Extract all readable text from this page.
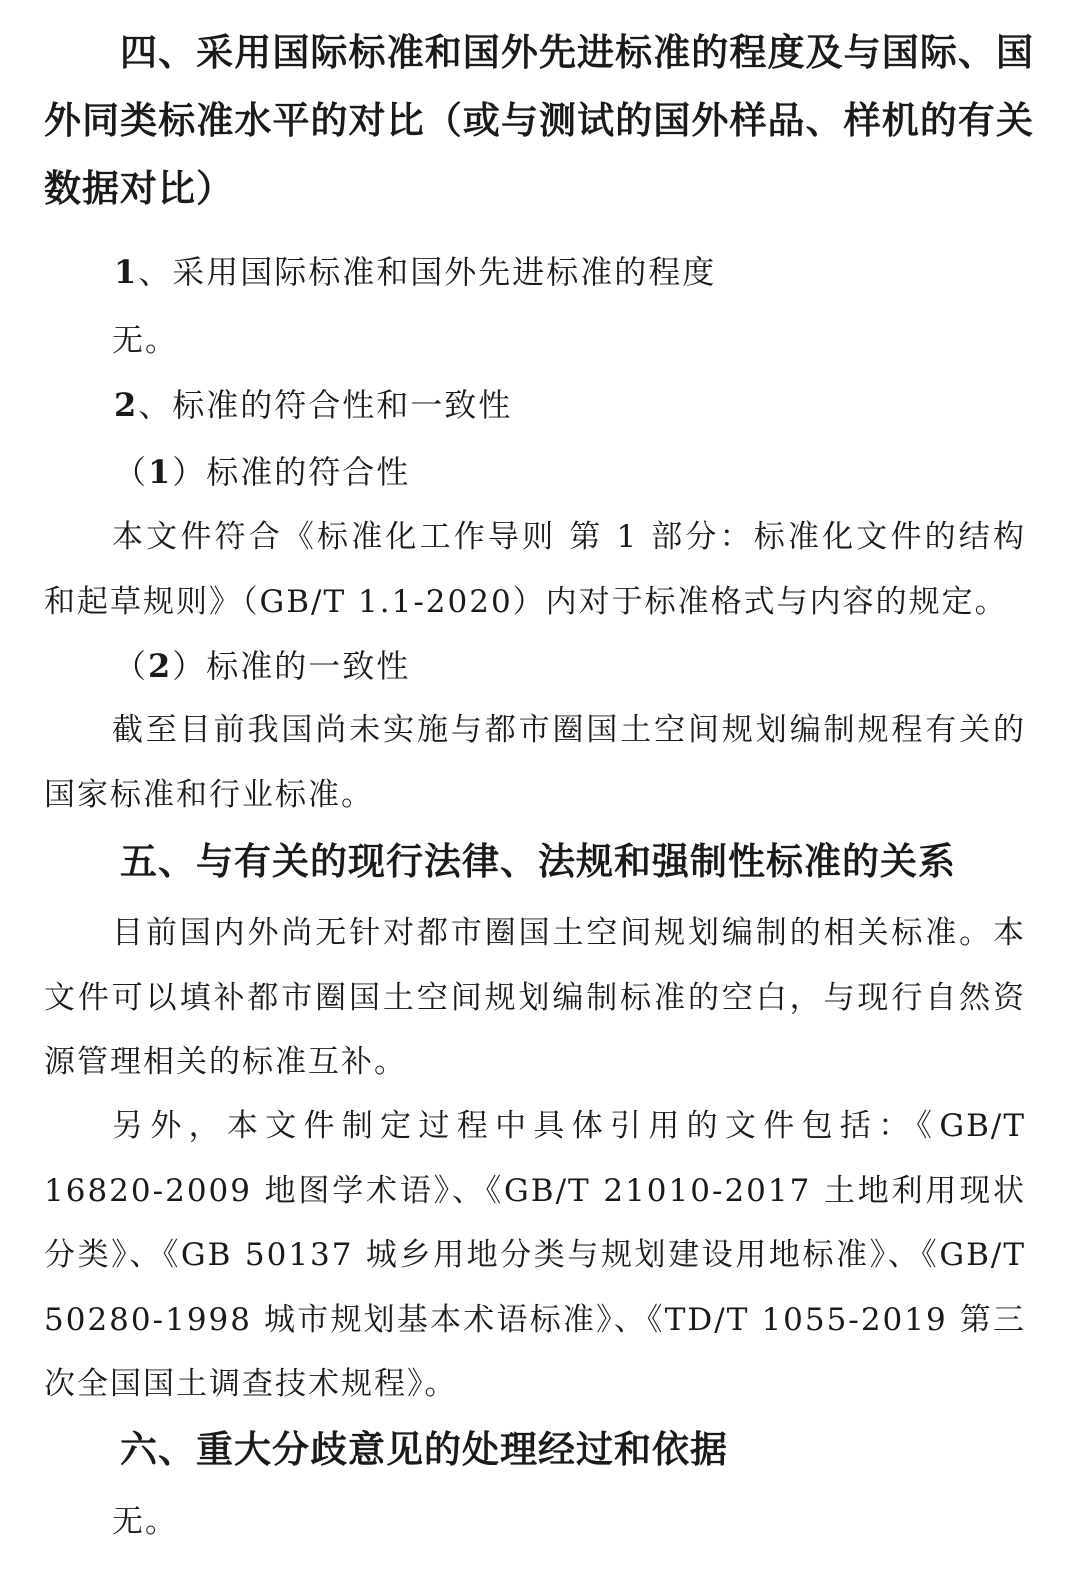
四、采用国际标准和国外先进标准的程度及与国际、国外同类标准水平的对比（或与测试的国外样品、样机的有关数据对比）

1、采用国际标准和国外先进标准的程度

无。

2、标准的符合性和一致性

（1）标准的符合性

本文件符合《标准化工作导则 第 1 部分：标准化文件的结构和起草规则》（GB/T 1.1-2020）内对于标准格式与内容的规定。

（2）标准的一致性

截至目前我国尚未实施与都市圈国土空间规划编制规程有关的国家标准和行业标准。

五、与有关的现行法律、法规和强制性标准的关系

目前国内外尚无针对都市圈国土空间规划编制的相关标准。本文件可以填补都市圈国土空间规划编制标准的空白，与现行自然资源管理相关的标准互补。

另外，本文件制定过程中具体引用的文件包括：《GB/T 16820-2009 地图学术语》、《GB/T 21010-2017 土地利用现状分类》、《GB 50137 城乡用地分类与规划建设用地标准》、《GB/T 50280-1998 城市规划基本术语标准》、《TD/T 1055-2019 第三次全国国土调查技术规程》。

六、重大分歧意见的处理经过和依据

无。
